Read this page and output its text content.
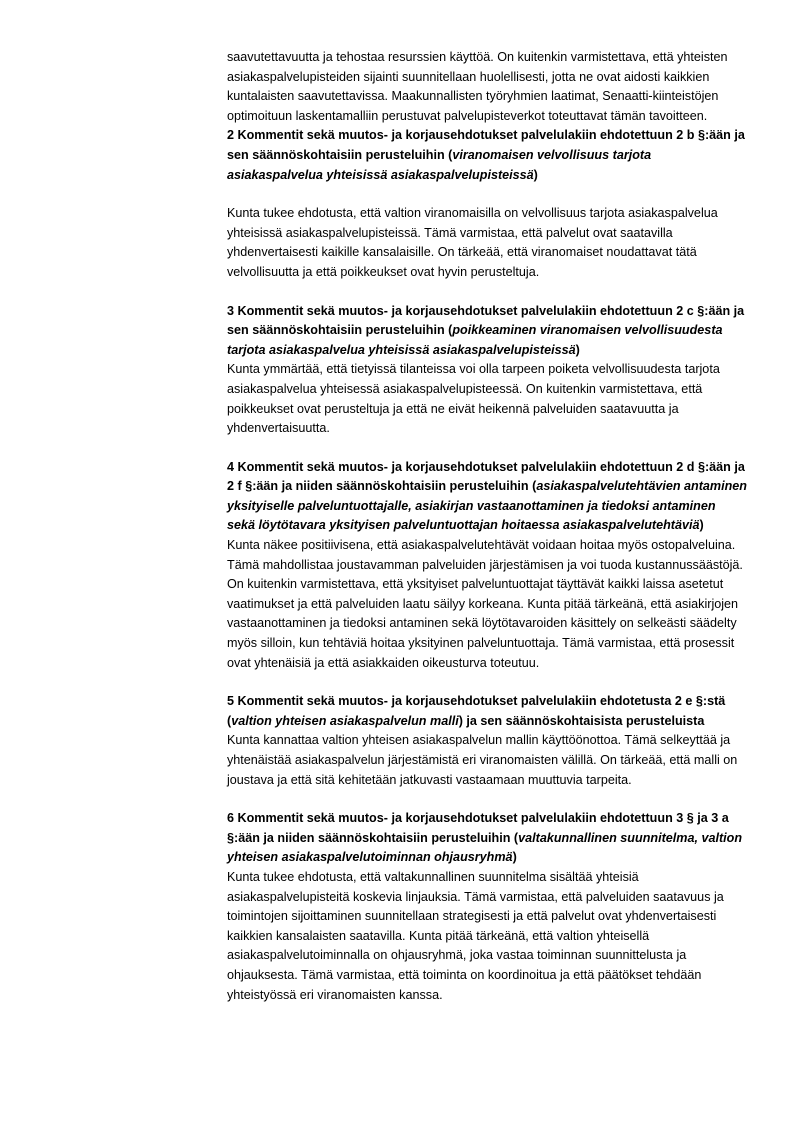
saavutettavuutta ja tehostaa resurssien käyttöä. On kuitenkin varmistettava, että yhteisten asiakaspalvelupisteiden sijainti suunnitellaan huolellisesti, jotta ne ovat aidosti kaikkien kuntalaisten saavutettavissa. Maakunnallisten työryhmien laatimat, Senaatti-kiinteistöjen optimoituun laskentamalliin perustuvat palvelupisteverkot toteuttavat tämän tavoitteen.

2 Kommentit sekä muutos- ja korjausehdotukset palvelulakiin ehdotettuun 2 b §:ään ja sen säännöskohtaisiin perusteluihin (viranomaisen velvollisuus tarjota asiakaspalvelua yhteisissä asiakaspalvelupisteissä)

Kunta tukee ehdotusta, että valtion viranomaisilla on velvollisuus tarjota asiakaspalvelua yhteisissä asiakaspalvelupisteissä. Tämä varmistaa, että palvelut ovat saatavilla yhdenvertaisesti kaikille kansalaisille. On tärkeää, että viranomaiset noudattavat tätä velvollisuutta ja että poikkeukset ovat hyvin perusteltuja.

3 Kommentit sekä muutos- ja korjausehdotukset palvelulakiin ehdotettuun 2 c §:ään ja sen säännöskohtaisiin perusteluihin (poikkeaminen viranomaisen velvollisuudesta tarjota asiakaspalvelua yhteisissä asiakaspalvelupisteissä)

Kunta ymmärtää, että tietyissä tilanteissa voi olla tarpeen poiketa velvollisuudesta tarjota asiakaspalvelua yhteisessä asiakaspalvelupisteessä. On kuitenkin varmistettava, että poikkeukset ovat perusteltuja ja että ne eivät heikennä palveluiden saatavuutta ja yhdenvertaisuutta.

4 Kommentit sekä muutos- ja korjausehdotukset palvelulakiin ehdotettuun 2 d §:ään ja 2 f §:ään ja niiden säännöskohtaisiin perusteluihin (asiakaspalvelutehtävien antaminen yksityiselle palveluntuottajalle, asiakirjan vastaanottaminen ja tiedoksi antaminen sekä löytötavara yksityisen palveluntuottajan hoitaessa asiakaspalvelutehtäviä)

Kunta näkee positiivisena, että asiakaspalvelutehtävät voidaan hoitaa myös ostopalveluina. Tämä mahdollistaa joustavamman palveluiden järjestämisen ja voi tuoda kustannussäästöjä. On kuitenkin varmistettava, että yksityiset palveluntuottajat täyttävät kaikki laissa asetetut vaatimukset ja että palveluiden laatu säilyy korkeana. Kunta pitää tärkeänä, että asiakirjojen vastaanottaminen ja tiedoksi antaminen sekä löytötavaroiden käsittely on selkeästi säädelty myös silloin, kun tehtäviä hoitaa yksityinen palveluntuottaja. Tämä varmistaa, että prosessit ovat yhtenäisiä ja että asiakkaiden oikeusturva toteutuu.

5 Kommentit sekä muutos- ja korjausehdotukset palvelulakiin ehdotetusta 2 e §:stä (valtion yhteisen asiakaspalvelun malli) ja sen säännöskohtaisista perusteluista

Kunta kannattaa valtion yhteisen asiakaspalvelun mallin käyttöönottoa. Tämä selkeyttää ja yhtenäistää asiakaspalvelun järjestämistä eri viranomaisten välillä. On tärkeää, että malli on joustava ja että sitä kehitetään jatkuvasti vastaamaan muuttuvia tarpeita.

6 Kommentit sekä muutos- ja korjausehdotukset palvelulakiin ehdotettuun 3 § ja 3 a §:ään ja niiden säännöskohtaisiin perusteluihin (valtakunnallinen suunnitelma, valtion yhteisen asiakaspalvelutoiminnan ohjausryhmä)

Kunta tukee ehdotusta, että valtakunnallinen suunnitelma sisältää yhteisiä asiakaspalvelupisteitä koskevia linjauksia. Tämä varmistaa, että palveluiden saatavuus ja toimintojen sijoittaminen suunnitellaan strategisesti ja että palvelut ovat yhdenvertaisesti kaikkien kansalaisten saatavilla. Kunta pitää tärkeänä, että valtion yhteisellä asiakaspalvelutoiminnalla on ohjausryhmä, joka vastaa toiminnan suunnittelusta ja ohjauksesta. Tämä varmistaa, että toiminta on koordinoitua ja että päätökset tehdään yhteistyössä eri viranomaisten kanssa.
